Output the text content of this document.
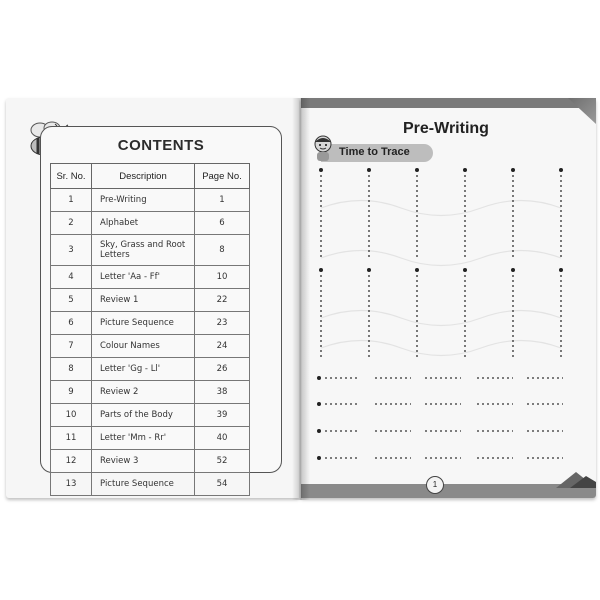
CONTENTS
Sr. No.	Description	Page No.
1	Pre-Writing	1
2	Alphabet	6
3	Sky, Grass and Root Letters	8
4	Letter 'Aa - Ff'	10
5	Review 1	22
6	Picture Sequence	23
7	Colour Names	24
8	Letter 'Gg - Ll'	26
9	Review 2	38
10	Parts of the Body	39
11	Letter 'Mm - Rr'	40
12	Review 3	52
13	Picture Sequence	54
Pre-Writing
Time to Trace
1
